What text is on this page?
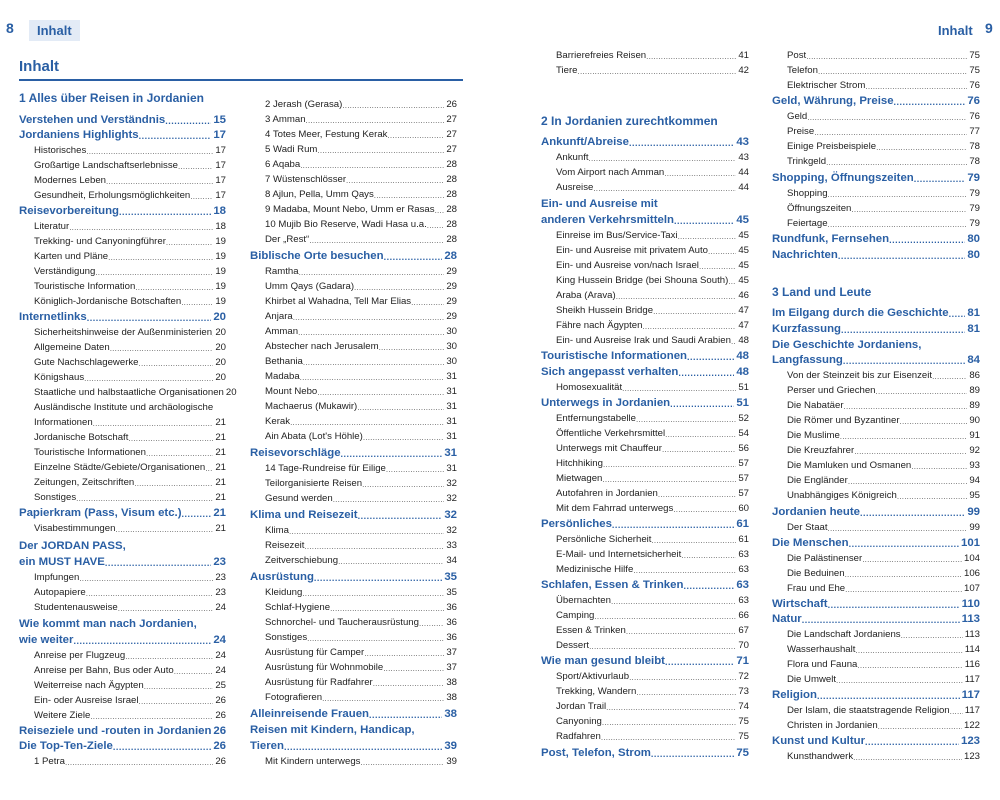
8	Inhalt	Inhalt 9
Inhalt
1 Alles über Reisen in Jordanien
Verstehen und Verständnis . . .	15
Jordaniens Highlights . . .	17
Historisches . . .	17
Großartige Landschaftserlebnisse . . .	17
Modernes Leben . . .	17
Gesundheit, Erholungsmöglichkeiten . . .	17
Reisevorbereitung . . .	18
Literatur . . .	18
Trekking- und Canyoningführer . . .	19
Karten und Pläne . . .	19
Verständigung . . .	19
Touristische Information . . .	19
Königlich-Jordanische Botschaften . . .	19
Internetlinks . . .	20
Sicherheitshinweise der Außenministerien . . . 20
Allgemeine Daten . . .	20
Gute Nachschlagewerke . . .	20
Königshaus . . .	20
Staatliche und halbstaatliche Organisationen 20
Ausländische Institute und archäologische
Informationen . . .	21
Jordanische Botschaft . . .	21
Touristische Informationen . . .	21
Einzelne Städte/Gebiete/Organisationen . . . 21
Zeitungen, Zeitschriften . . .	21
Sonstiges . . .	21
Papierkram (Pass, Visum etc.) . . .	21
Visabestimmungen . . .	21
Der JORDAN PASS,
ein MUST HAVE . . .	23
Impfungen . . .	23
Autopapiere . . .	23
Studentenausweise . . .	24
Wie kommt man nach Jordanien,
wie weiter . . .	24
Anreise per Flugzeug . . .	24
Anreise per Bahn, Bus oder Auto . . .	24
Weiterreise nach Ägypten . . .	25
Ein- oder Ausreise Israel . . .	26
Weitere Ziele . . .	26
Reiseziele und -routen in Jordanien 26
Die Top-Ten-Ziele . . .	26
1 Petra . . .	26
2 Jerash (Gerasa) . . .	26
3 Amman . . .	27
4 Totes Meer, Festung Kerak . . .	27
5 Wadi Rum . . .	27
6 Aqaba . . .	28
7 Wüstenschlösser . . .	28
8 Ajlun, Pella, Umm Qays . . .	28
9 Madaba, Mount Nebo, Umm er Rasas . . . 28
10 Mujib Bio Reserve, Wadi Hasa u.a. . . . 28
Der „Rest“ . . .	28
Biblische Orte besuchen . . .	28
Ramtha . . .	29
Umm Qays (Gadara) . . .	29
Khirbet al Wahadna, Tell Mar Elias . . .	29
Anjara . . .	29
Amman . . .	30
Abstecher nach Jerusalem . . .	30
Bethania . . .	30
Madaba . . .	31
Mount Nebo . . .	31
Machaerus (Mukawir) . . .	31
Kerak . . .	31
Ain Abata (Lot's Höhle) . . .	31
Reisevorschläge . . .	31
14 Tage-Rundreise für Eilige . . .	31
Teilorganisierte Reisen . . .	32
Gesund werden . . .	32
Klima und Reisezeit . . .	32
Klima . . .	32
Reisezeit . . .	33
Zeitverschiebung . . .	34
Ausrüstung . . .	35
Kleidung . . .	35
Schlaf-Hygiene . . .	36
Schnorchel- und Taucherausrüstung . . .	36
Sonstiges . . .	36
Ausrüstung für Camper . . .	37
Ausrüstung für Wohnmobile . . .	37
Ausrüstung für Radfahrer . . .	38
Fotografieren . . .	38
Alleinreisende Frauen . . .	38
Reisen mit Kindern, Handicap,
Tieren . . .	39
Mit Kindern unterwegs . . .	39
Barrierefreies Reisen . . .	41
Tiere . . .	42
2 In Jordanien zurechtkommen
Ankunft/Abreise . . .	43
Ankunft . . .	43
Vom Airport nach Amman . . .	44
Ausreise . . .	44
Ein- und Ausreise mit
anderen Verkehrsmitteln . . .	45
Einreise im Bus/Service-Taxi . . .	45
Ein- und Ausreise mit privatem Auto . . .	45
Ein- und Ausreise von/nach Israel . . .	45
King Hussein Bridge (bei Shouna South) . . . 45
Araba (Arava) . . .	46
Sheikh Hussein Bridge . . .	47
Fähre nach Ägypten . . .	47
Ein- und Ausreise Irak und Saudi Arabien . . . 48
Touristische Informationen . . .	48
Sich angepasst verhalten . . .	48
Homosexualität . . .	51
Unterwegs in Jordanien . . .	51
Entfernungstabelle . . .	52
Öffentliche Verkehrsmittel . . .	54
Unterwegs mit Chauffeur . . .	56
Hitchhiking . . .	57
Mietwagen . . .	57
Autofahren in Jordanien . . .	57
Mit dem Fahrrad unterwegs . . .	60
Persönliches . . .	61
Persönliche Sicherheit . . .	61
E-Mail- und Internetsicherheit . . .	63
Medizinische Hilfe . . .	63
Schlafen, Essen & Trinken . . .	63
Übernachten . . .	63
Camping . . .	66
Essen & Trinken . . .	67
Dessert . . .	70
Wie man gesund bleibt . . .	71
Sport/Aktivurlaub . . .	72
Trekking, Wandern . . .	73
Jordan Trail . . .	74
Canyoning . . .	75
Radfahren . . .	75
Post, Telefon, Strom . . .	75
Post . . .	75
Telefon . . .	75
Elektrischer Strom . . .	76
Geld, Währung, Preise . . .	76
Geld . . .	76
Preise . . .	77
Einige Preisbeispiele . . .	78
Trinkgeld . . .	78
Shopping, Öffnungszeiten . . .	79
Shopping . . .	79
Öffnungszeiten . . .	79
Feiertage . . .	79
Rundfunk, Fernsehen . . .	80
Nachrichten . . .	80
3 Land und Leute
Im Eilgang durch die Geschichte . . . 81
Kurzfassung . . .	81
Die Geschichte Jordaniens,
Langfassung . . .	84
Von der Steinzeit bis zur Eisenzeit . . .	86
Perser und Griechen . . .	89
Die Nabatäer . . .	89
Die Römer und Byzantiner . . .	90
Die Muslime . . .	91
Die Kreuzfahrer . . .	92
Die Mamluken und Osmanen . . .	93
Die Engländer . . .	94
Unabhängiges Königreich . . .	95
Jordanien heute . . .	99
Der Staat . . .	99
Die Menschen . . .	101
Die Palästinenser . . .	104
Die Beduinen . . .	106
Frau und Ehe . . .	107
Wirtschaft . . .	110
Natur . . .	113
Die Landschaft Jordaniens . . .	113
Wasserhaushalt . . .	114
Flora und Fauna . . .	116
Die Umwelt . . .	117
Religion . . .	117
Der Islam, die staatstragende Religion . . . 117
Christen in Jordanien . . .	122
Kunst und Kultur . . .	123
Kunsthandwerk . . .	123
